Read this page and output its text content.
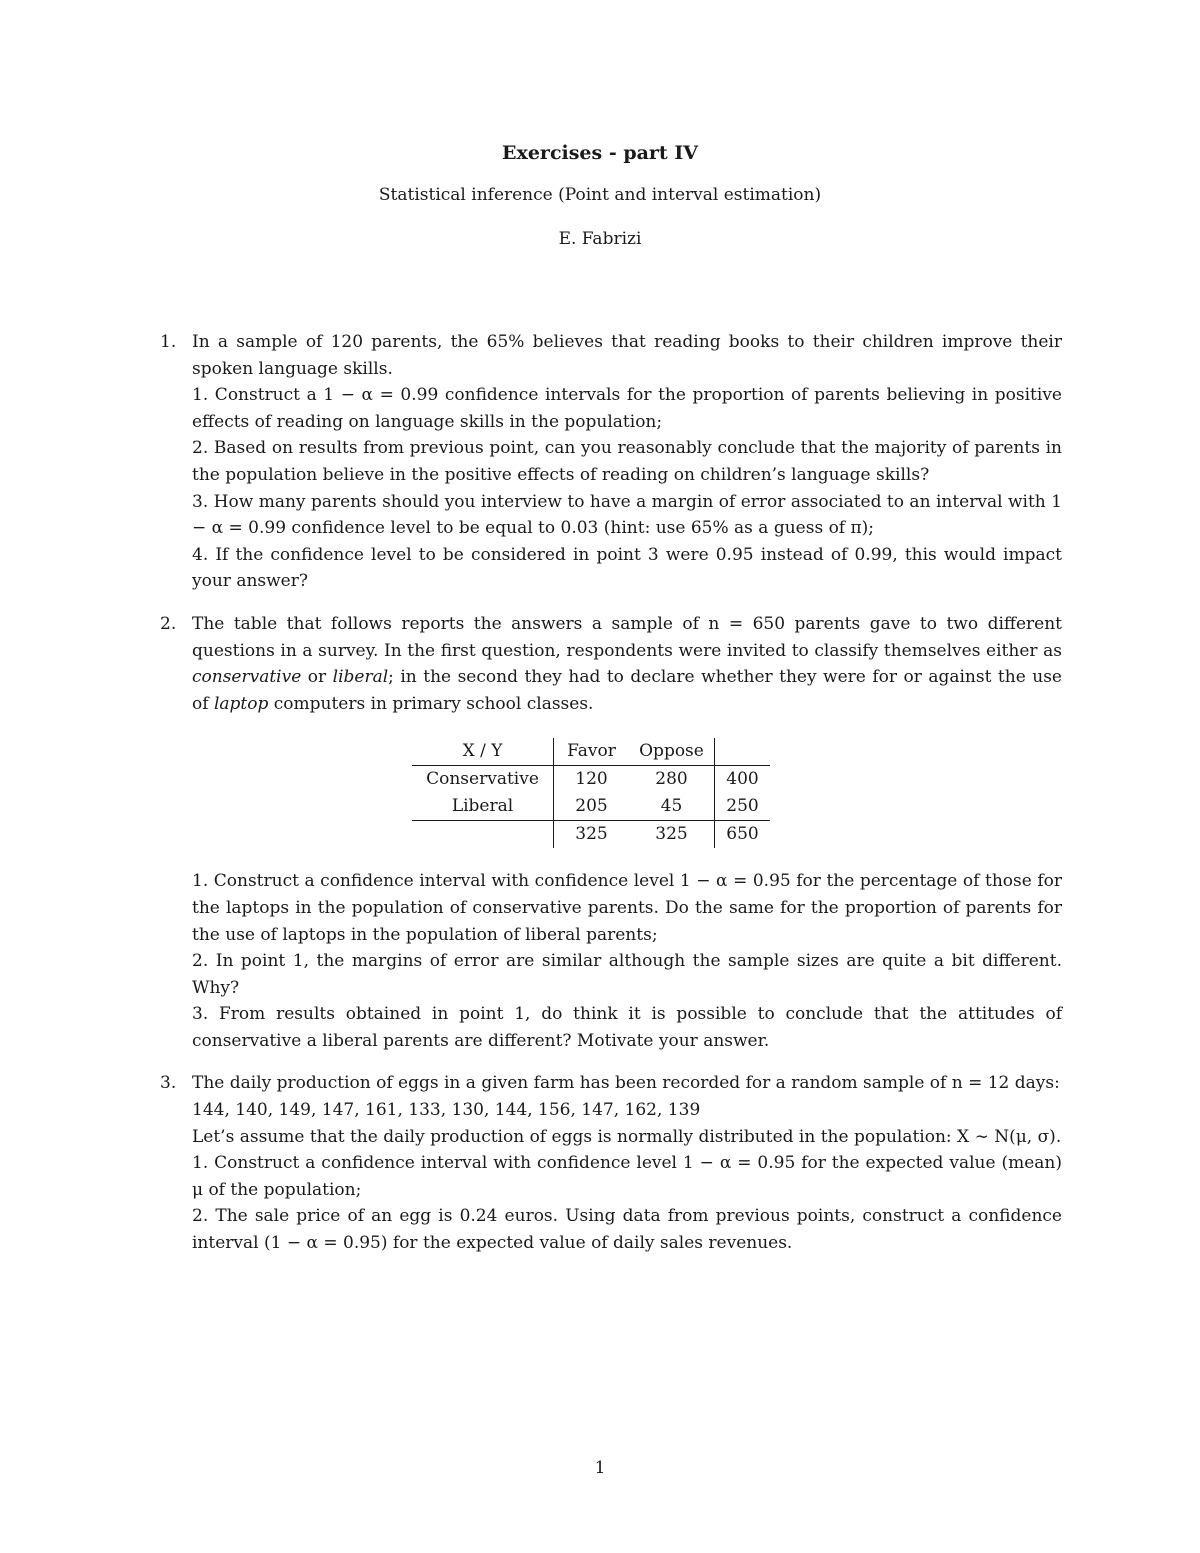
Exercises - part IV
Statistical inference (Point and interval estimation)
E. Fabrizi
1. In a sample of 120 parents, the 65% believes that reading books to their children improve their spoken language skills.

1. Construct a 1 − α = 0.99 confidence intervals for the proportion of parents believing in positive effects of reading on language skills in the population;

2. Based on results from previous point, can you reasonably conclude that the majority of parents in the population believe in the positive effects of reading on children’s language skills?

3. How many parents should you interview to have a margin of error associated to an interval with 1 − α = 0.99 confidence level to be equal to 0.03 (hint: use 65% as a guess of π);

4. If the confidence level to be considered in point 3 were 0.95 instead of 0.99, this would impact your answer?

2. The table that follows reports the answers a sample of n = 650 parents gave to two different questions in a survey. In the first question, respondents were invited to classify themselves either as conservative or liberal; in the second they had to declare whether they were for or against the use of laptop computers in primary school classes.

X / Y	Favor	Oppose	
Conservative	120	280	400
Liberal	205	45	250
	325	325	650

1. Construct a confidence interval with confidence level 1 − α = 0.95 for the percentage of those for the laptops in the population of conservative parents. Do the same for the proportion of parents for the use of laptops in the population of liberal parents;

2. In point 1, the margins of error are similar although the sample sizes are quite a bit different. Why?

3. From results obtained in point 1, do think it is possible to conclude that the attitudes of conservative a liberal parents are different? Motivate your answer.

3. The daily production of eggs in a given farm has been recorded for a random sample of n = 12 days:

144, 140, 149, 147, 161, 133, 130, 144, 156, 147, 162, 139

Let’s assume that the daily production of eggs is normally distributed in the population: X ∼ N(μ, σ).

1. Construct a confidence interval with confidence level 1 − α = 0.95 for the expected value (mean) μ of the population;

2. The sale price of an egg is 0.24 euros. Using data from previous points, construct a confidence interval (1 − α = 0.95) for the expected value of daily sales revenues.

1
